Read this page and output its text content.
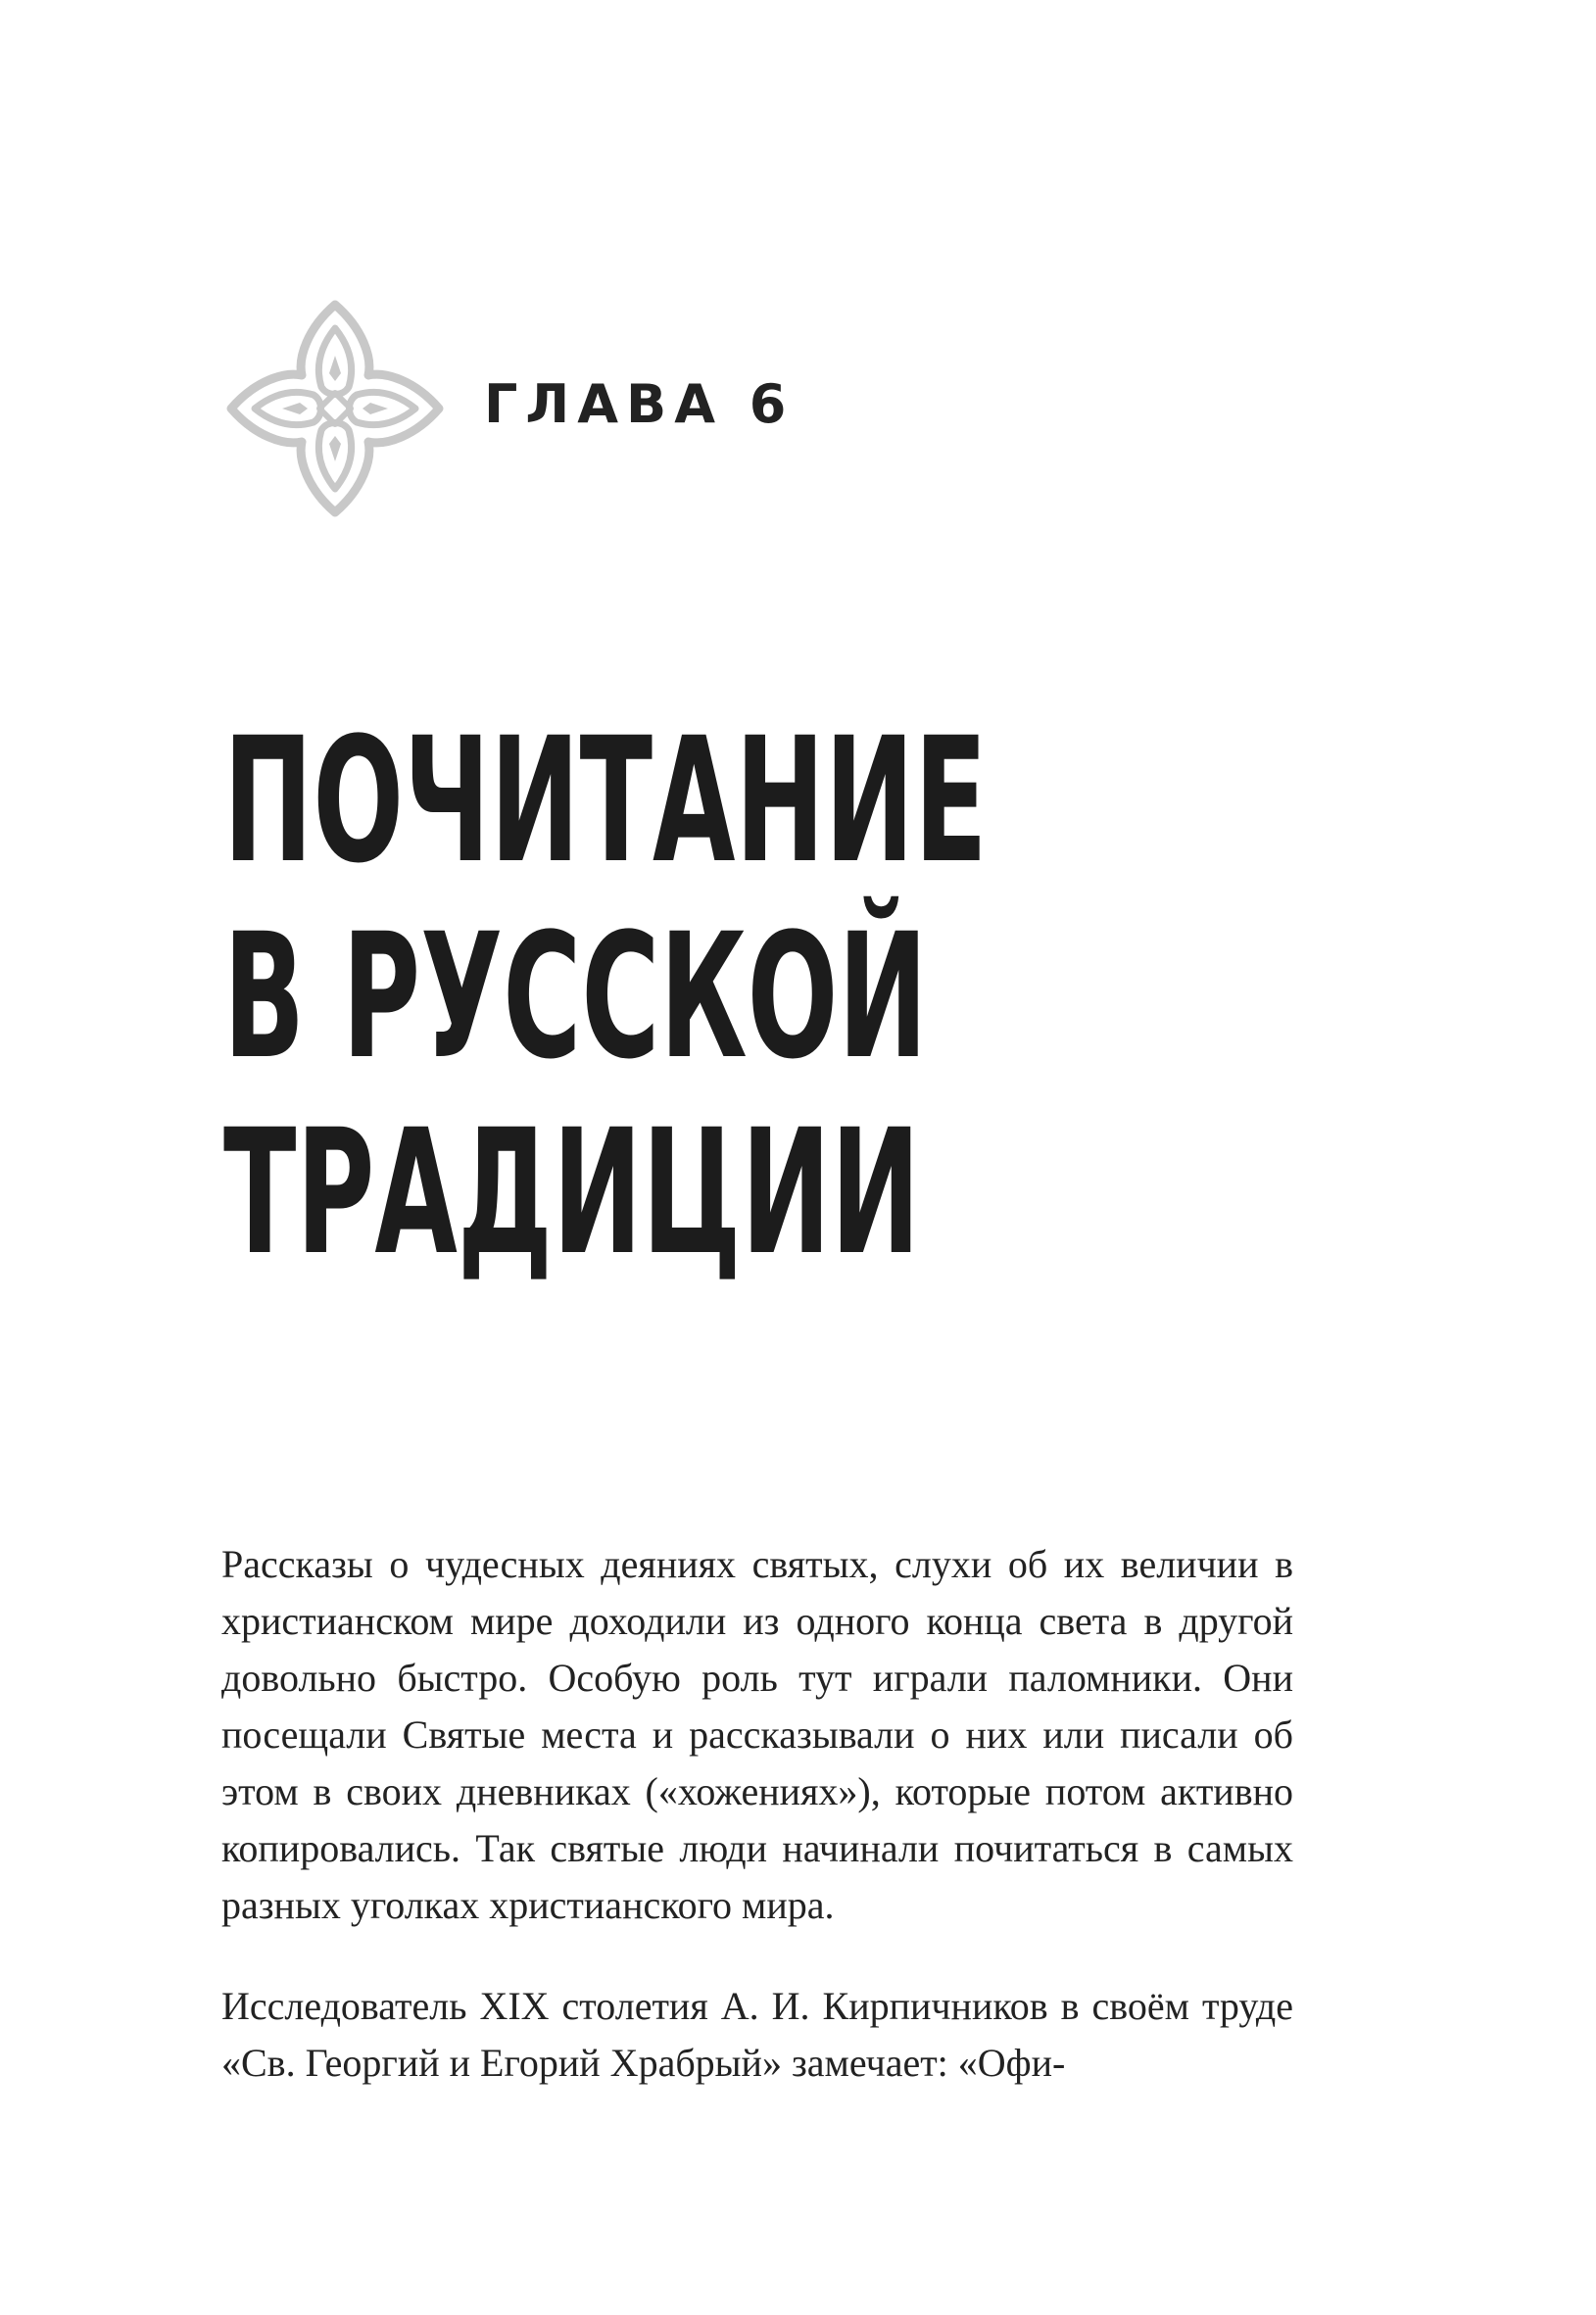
ГЛАВА 6
ПОЧИТАНИЕ
В РУССКОЙ
ТРАДИЦИИ

Рассказы о чудесных деяниях святых, слухи об их величии в христианском мире доходили из одного конца света в другой довольно быстро. Особую роль тут играли паломники. Они посещали Святые места и рассказывали о них или писали об этом в своих дневниках («хожениях»), которые потом активно копировались. Так святые люди начинали почитаться в самых разных уголках христианского мира.

Исследователь XIX столетия А. И. Кирпичников в своём труде «Св. Георгий и Егорий Храбрый» замечает: «Офи-
